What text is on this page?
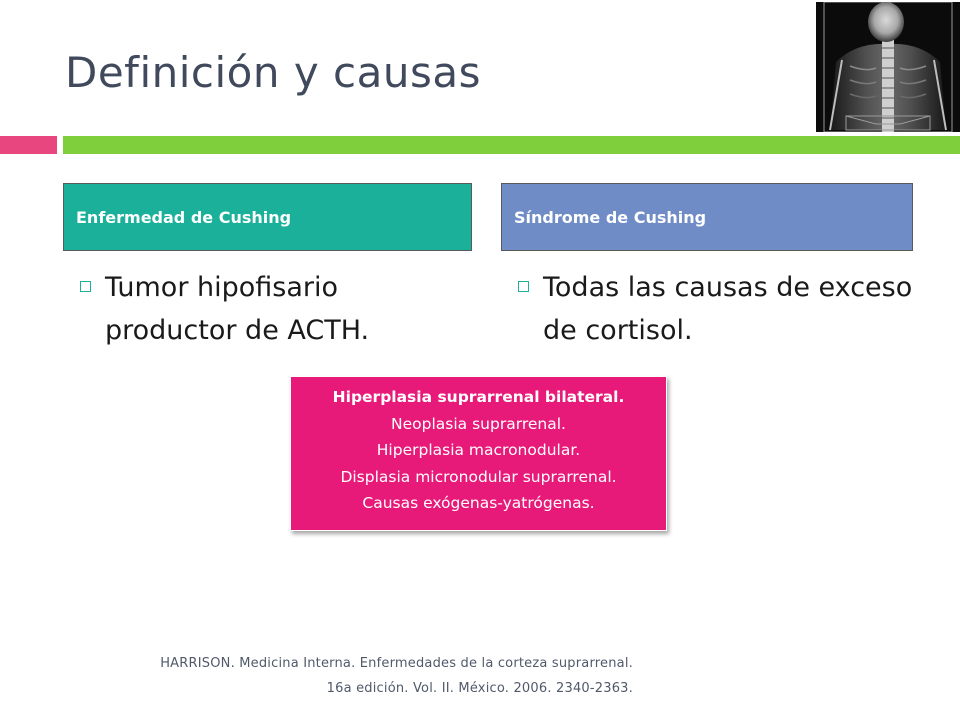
Definición y causas
Enfermedad de Cushing	Síndrome de Cushing
Tumor hipofisario productor de ACTH.
Todas las causas de exceso de cortisol.
Hiperplasia suprarrenal bilateral.
Neoplasia suprarrenal.
Hiperplasia macronodular.
Displasia micronodular suprarrenal.
Causas exógenas-yatrógenas.
HARRISON. Medicina Interna. Enfermedades de la corteza suprarrenal.
16a edición. Vol. II. México. 2006. 2340-2363.
